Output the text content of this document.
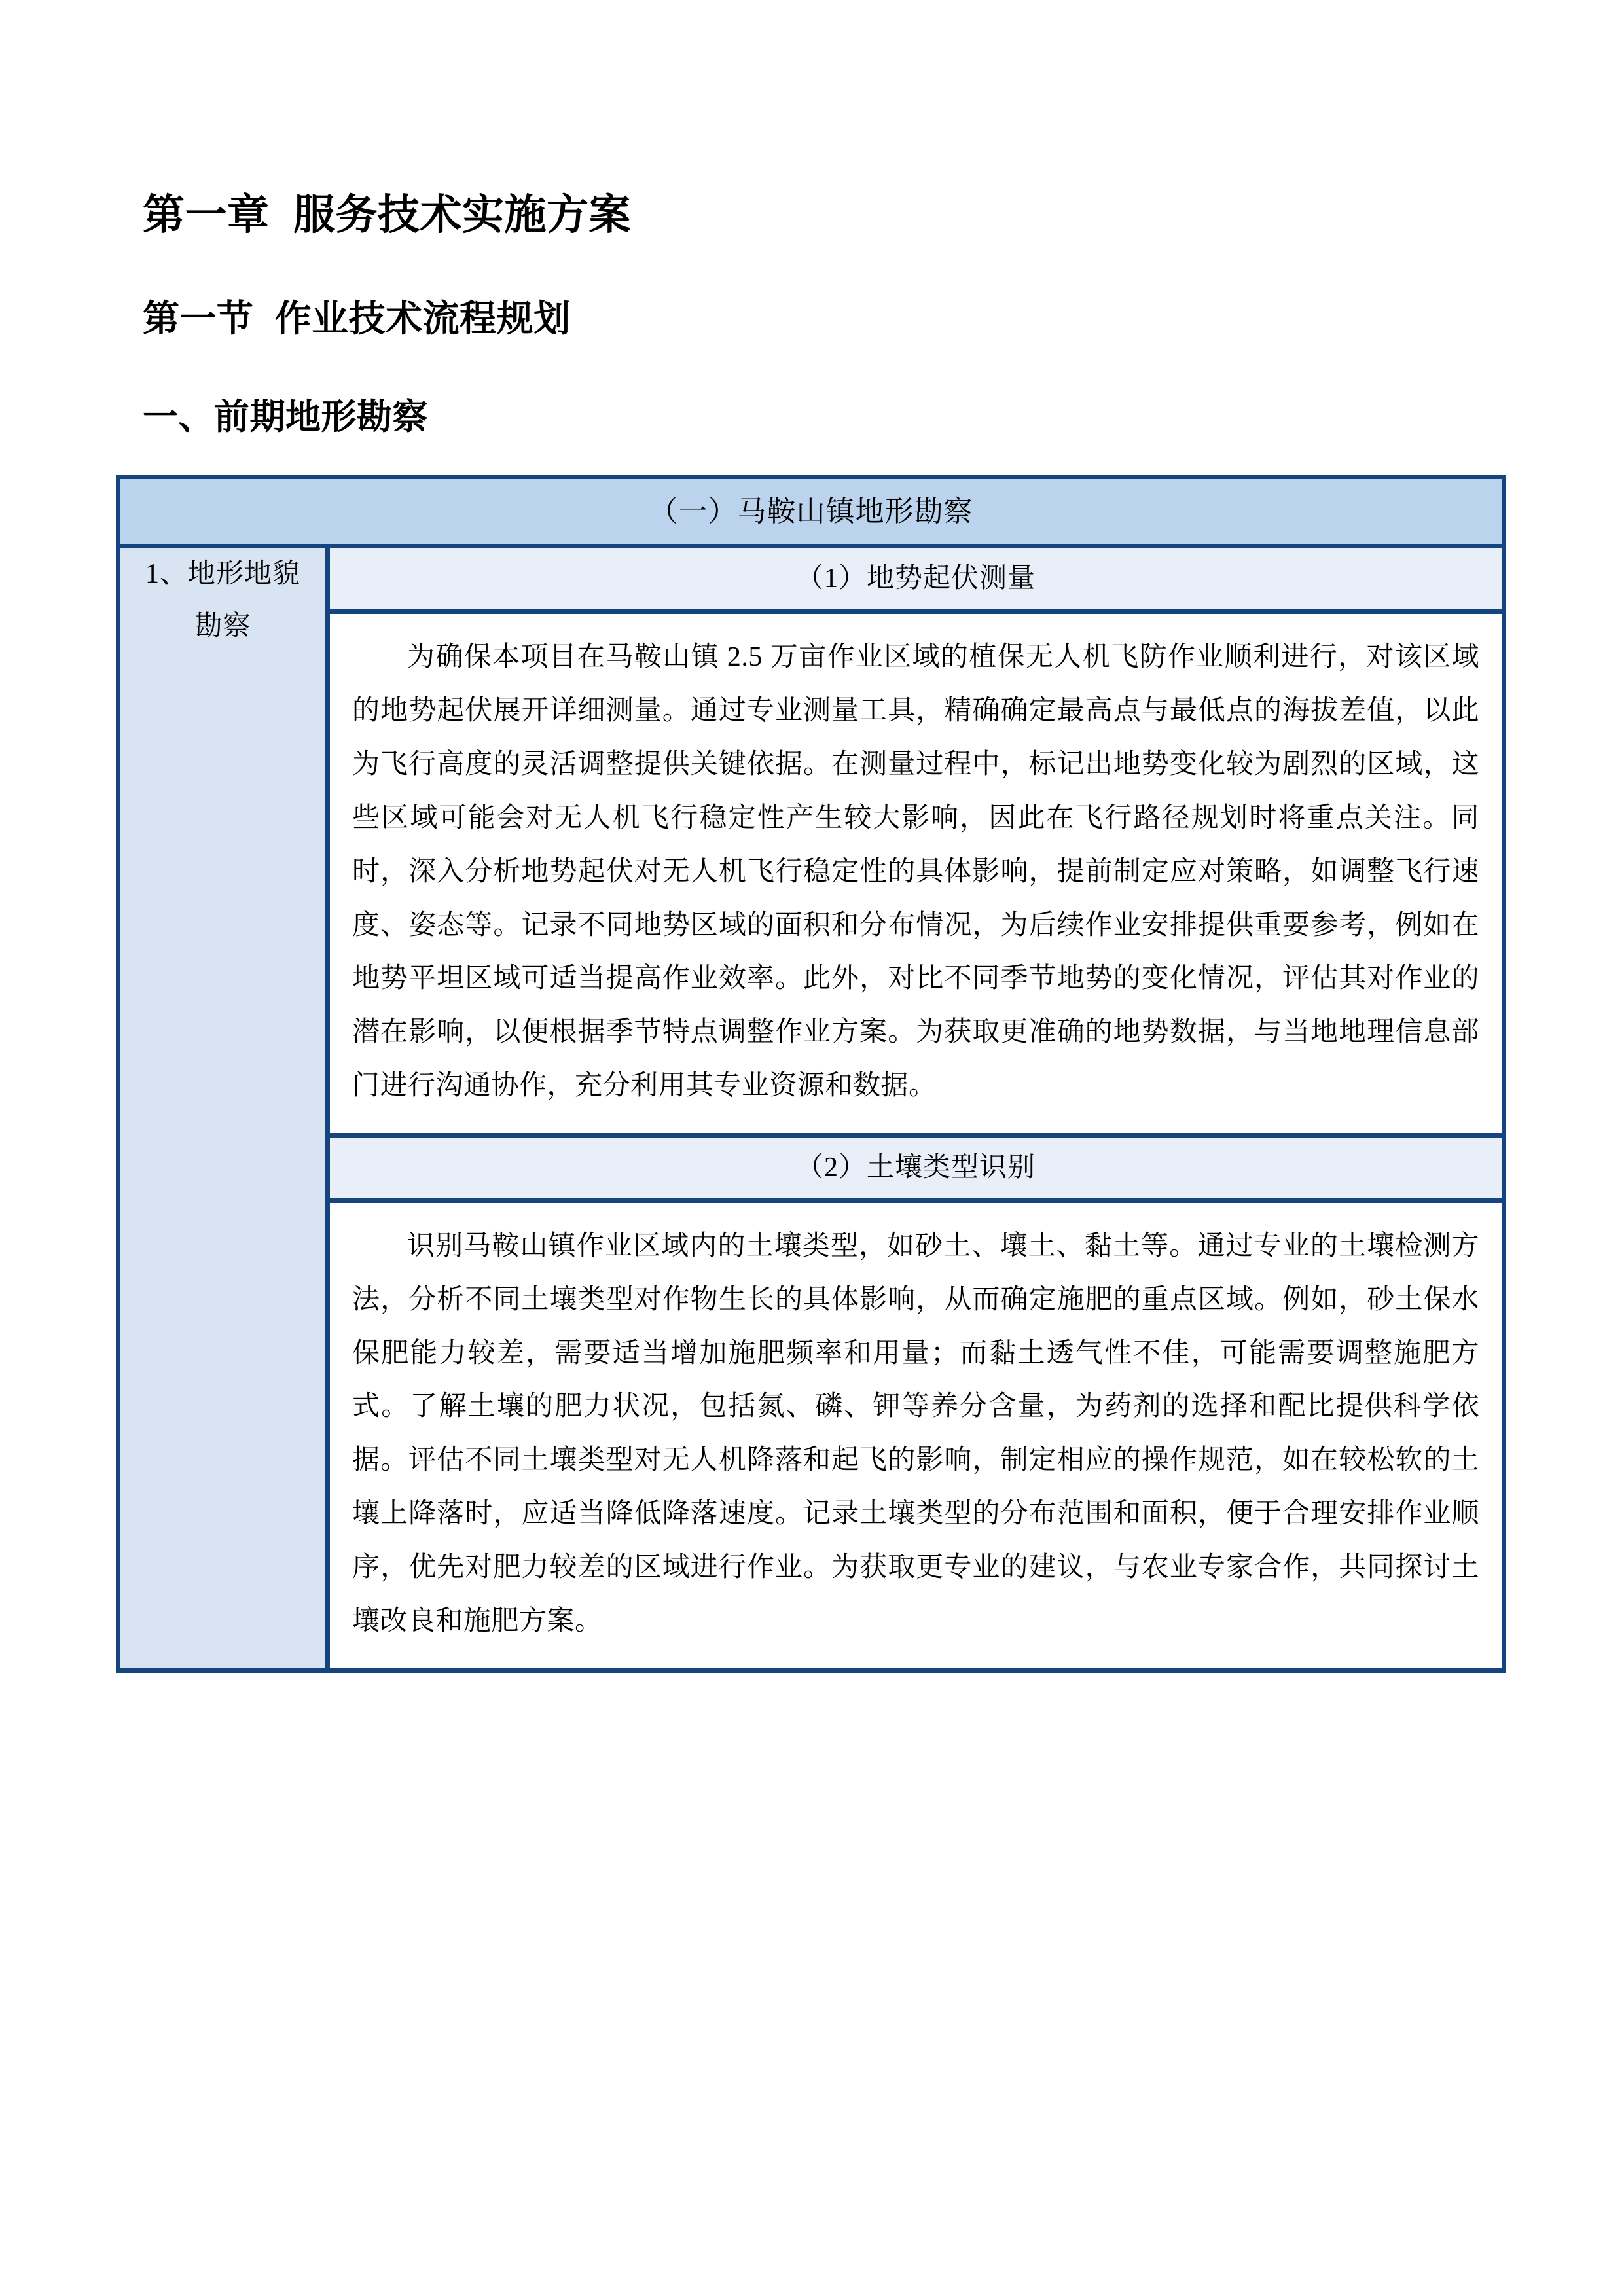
第一章  服务技术实施方案
第一节  作业技术流程规划
一、前期地形勘察
（一）马鞍山镇地形勘察

1、地形地貌勘察

（1）地势起伏测量

为确保本项目在马鞍山镇 2.5 万亩作业区域的植保无人机飞防作业顺利进行，对该区域的地势起伏展开详细测量。通过专业测量工具，精确确定最高点与最低点的海拔差值，以此为飞行高度的灵活调整提供关键依据。在测量过程中，标记出地势变化较为剧烈的区域，这些区域可能会对无人机飞行稳定性产生较大影响，因此在飞行路径规划时将重点关注。同时，深入分析地势起伏对无人机飞行稳定性的具体影响，提前制定应对策略，如调整飞行速度、姿态等。记录不同地势区域的面积和分布情况，为后续作业安排提供重要参考，例如在地势平坦区域可适当提高作业效率。此外，对比不同季节地势的变化情况，评估其对作业的潜在影响，以便根据季节特点调整作业方案。为获取更准确的地势数据，与当地地理信息部门进行沟通协作，充分利用其专业资源和数据。

（2）土壤类型识别

识别马鞍山镇作业区域内的土壤类型，如砂土、壤土、黏土等。通过专业的土壤检测方法，分析不同土壤类型对作物生长的具体影响，从而确定施肥的重点区域。例如，砂土保水保肥能力较差，需要适当增加施肥频率和用量；而黏土透气性不佳，可能需要调整施肥方式。了解土壤的肥力状况，包括氮、磷、钾等养分含量，为药剂的选择和配比提供科学依据。评估不同土壤类型对无人机降落和起飞的影响，制定相应的操作规范，如在较松软的土壤上降落时，应适当降低降落速度。记录土壤类型的分布范围和面积，便于合理安排作业顺序，优先对肥力较差的区域进行作业。为获取更专业的建议，与农业专家合作，共同探讨土壤改良和施肥方案。
